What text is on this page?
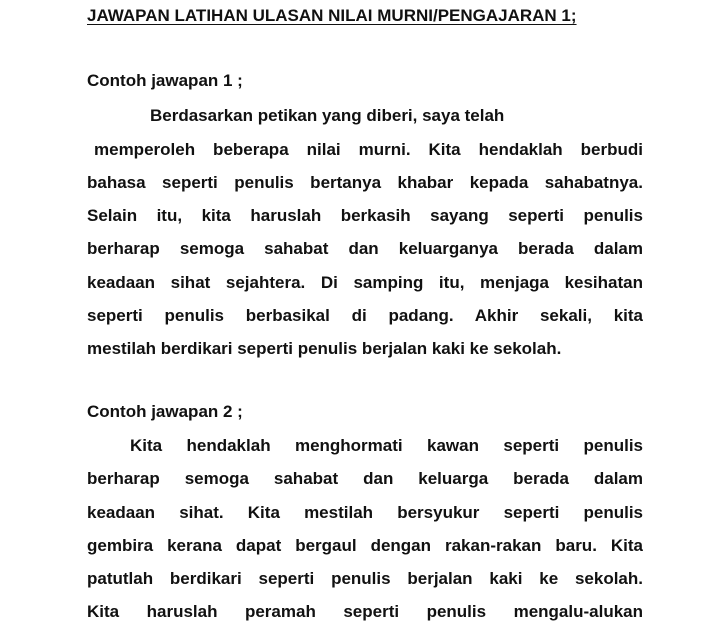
JAWAPAN LATIHAN ULASAN NILAI MURNI/PENGAJARAN 1;
Contoh jawapan 1 ;
Berdasarkan petikan yang diberi, saya telah
memperoleh beberapa nilai murni. Kita hendaklah berbudi
bahasa seperti penulis bertanya khabar kepada sahabatnya.
Selain itu, kita haruslah berkasih sayang seperti penulis
berharap semoga sahabat dan keluarganya berada dalam
keadaan sihat sejahtera. Di samping itu, menjaga kesihatan
seperti penulis berbasikal di padang. Akhir sekali, kita
mestilah berdikari seperti penulis berjalan kaki ke sekolah.
Contoh jawapan 2 ;
Kita hendaklah menghormati kawan seperti penulis
berharap semoga sahabat dan keluarga berada dalam
keadaan sihat. Kita mestilah bersyukur seperti penulis
gembira kerana dapat bergaul dengan rakan-rakan baru. Kita
patutlah berdikari seperti penulis berjalan kaki ke sekolah.
Kita haruslah peramah seperti penulis mengalu-alukan
